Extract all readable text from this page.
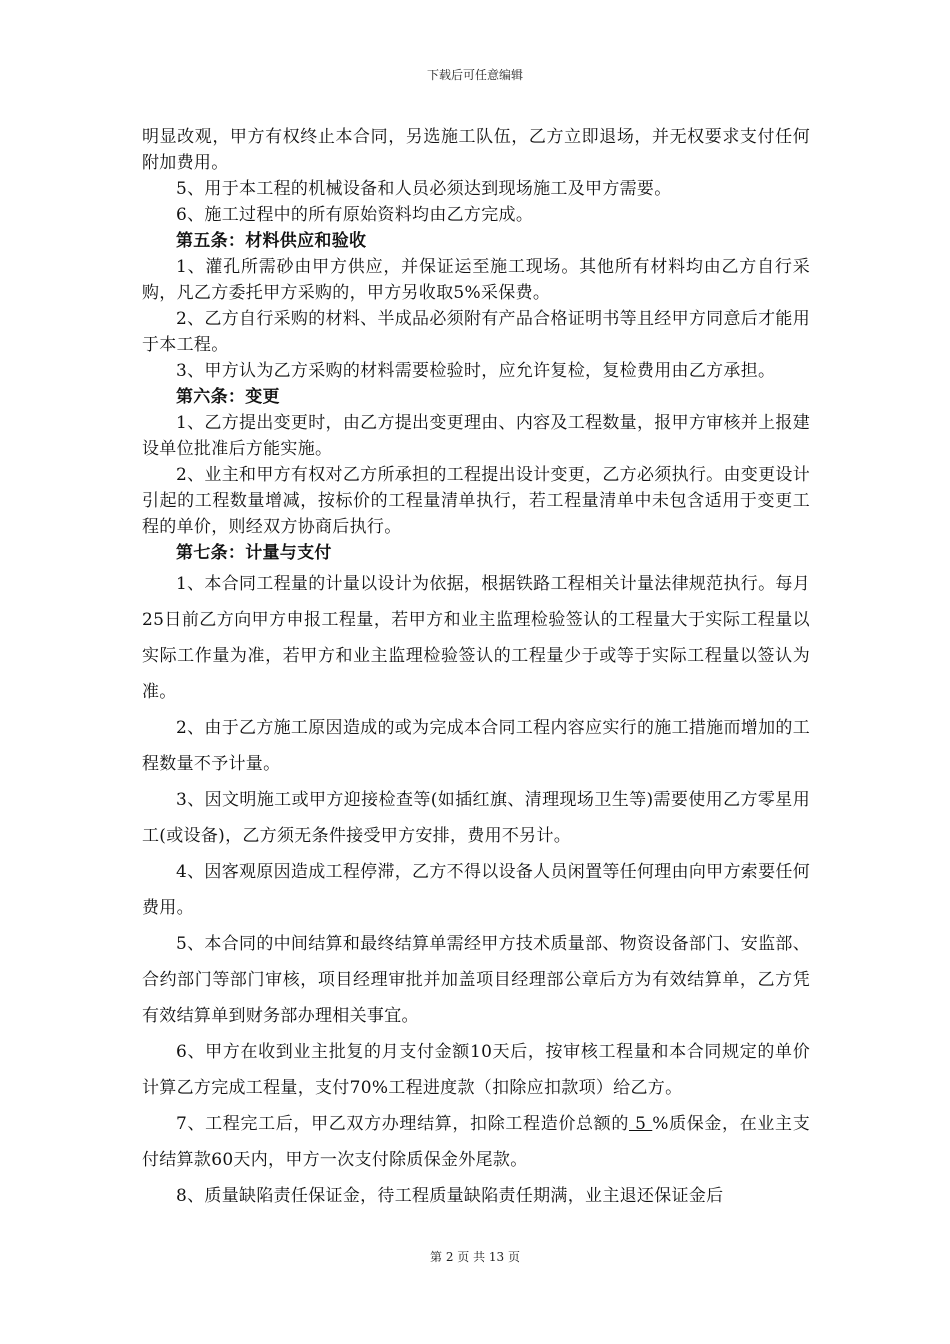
下载后可任意编辑

明显改观，甲方有权终止本合同，另选施工队伍，乙方立即退场，并无权要求支付任何附加费用。

5、用于本工程的机械设备和人员必须达到现场施工及甲方需要。

6、施工过程中的所有原始资料均由乙方完成。

第五条：材料供应和验收

1、灌孔所需砂由甲方供应，并保证运至施工现场。其他所有材料均由乙方自行采购，凡乙方委托甲方采购的，甲方另收取5%采保费。

2、乙方自行采购的材料、半成品必须附有产品合格证明书等且经甲方同意后才能用于本工程。

3、甲方认为乙方采购的材料需要检验时，应允许复检，复检费用由乙方承担。

第六条：变更

1、乙方提出变更时，由乙方提出变更理由、内容及工程数量，报甲方审核并上报建设单位批准后方能实施。

2、业主和甲方有权对乙方所承担的工程提出设计变更，乙方必须执行。由变更设计引起的工程数量增减，按标价的工程量清单执行，若工程量清单中未包含适用于变更工程的单价，则经双方协商后执行。

第七条：计量与支付

1、本合同工程量的计量以设计为依据，根据铁路工程相关计量法律规范执行。每月25日前乙方向甲方申报工程量，若甲方和业主监理检验签认的工程量大于实际工程量以实际工作量为准，若甲方和业主监理检验签认的工程量少于或等于实际工程量以签认为准。

2、由于乙方施工原因造成的或为完成本合同工程内容应实行的施工措施而增加的工程数量不予计量。

3、因文明施工或甲方迎接检查等(如插红旗、清理现场卫生等)需要使用乙方零星用工(或设备)，乙方须无条件接受甲方安排，费用不另计。

4、因客观原因造成工程停滞，乙方不得以设备人员闲置等任何理由向甲方索要任何费用。

5、本合同的中间结算和最终结算单需经甲方技术质量部、物资设备部门、安监部、合约部门等部门审核，项目经理审批并加盖项目经理部公章后方为有效结算单，乙方凭有效结算单到财务部办理相关事宜。

6、甲方在收到业主批复的月支付金额10天后，按审核工程量和本合同规定的单价计算乙方完成工程量，支付70%工程进度款（扣除应扣款项）给乙方。

7、工程完工后，甲乙双方办理结算，扣除工程造价总额的 5 %质保金，在业主支付结算款60天内，甲方一次支付除质保金外尾款。

8、质量缺陷责任保证金，待工程质量缺陷责任期满，业主退还保证金后

第 2 页 共 13 页
